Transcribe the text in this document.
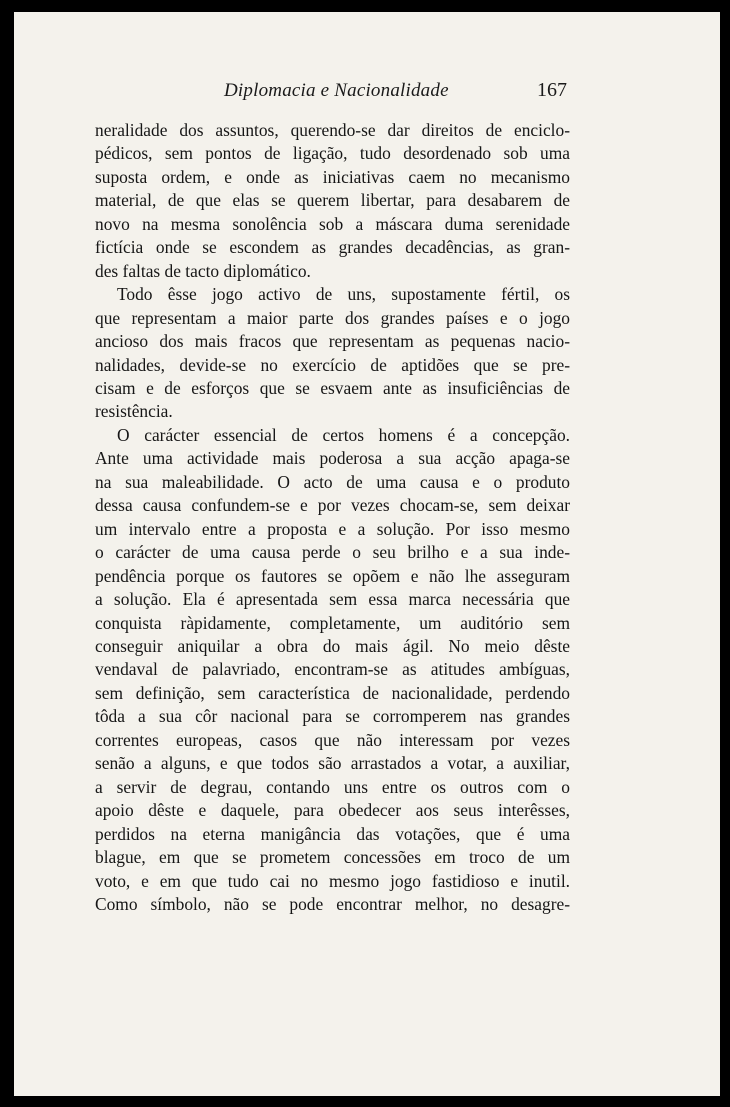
Diplomacia e Nacionalidade	167

neralidade dos assuntos, querendo-se dar direitos de enciclo-
pédicos, sem pontos de ligação, tudo desordenado sob uma
suposta ordem, e onde as iniciativas caem no mecanismo
material, de que elas se querem libertar, para desabarem de
novo na mesma sonolência sob a máscara duma serenidade
fictícia onde se escondem as grandes decadências, as gran-
des faltas de tacto diplomático.

Todo êsse jogo activo de uns, supostamente fértil, os
que representam a maior parte dos grandes países e o jogo
ancioso dos mais fracos que representam as pequenas nacio-
nalidades, devide-se no exercício de aptidões que se pre-
cisam e de esforços que se esvaem ante as insuficiências de
resistência.

O carácter essencial de certos homens é a concepção.
Ante uma actividade mais poderosa a sua acção apaga-se
na sua maleabilidade. O acto de uma causa e o produto
dessa causa confundem-se e por vezes chocam-se, sem deixar
um intervalo entre a proposta e a solução. Por isso mesmo
o carácter de uma causa perde o seu brilho e a sua inde-
pendência porque os fautores se opõem e não lhe asseguram
a solução. Ela é apresentada sem essa marca necessária que
conquista ràpidamente, completamente, um auditório sem
conseguir aniquilar a obra do mais ágil. No meio dêste
vendaval de palavriado, encontram-se as atitudes ambíguas,
sem definição, sem característica de nacionalidade, perdendo
tôda a sua côr nacional para se corromperem nas grandes
correntes europeas, casos que não interessam por vezes
senão a alguns, e que todos são arrastados a votar, a auxiliar,
a servir de degrau, contando uns entre os outros com o
apoio dêste e daquele, para obedecer aos seus interêsses,
perdidos na eterna manigância das votações, que é uma
blague, em que se prometem concessões em troco de um
voto, e em que tudo cai no mesmo jogo fastidioso e inutil.
Como símbolo, não se pode encontrar melhor, no desagre-
